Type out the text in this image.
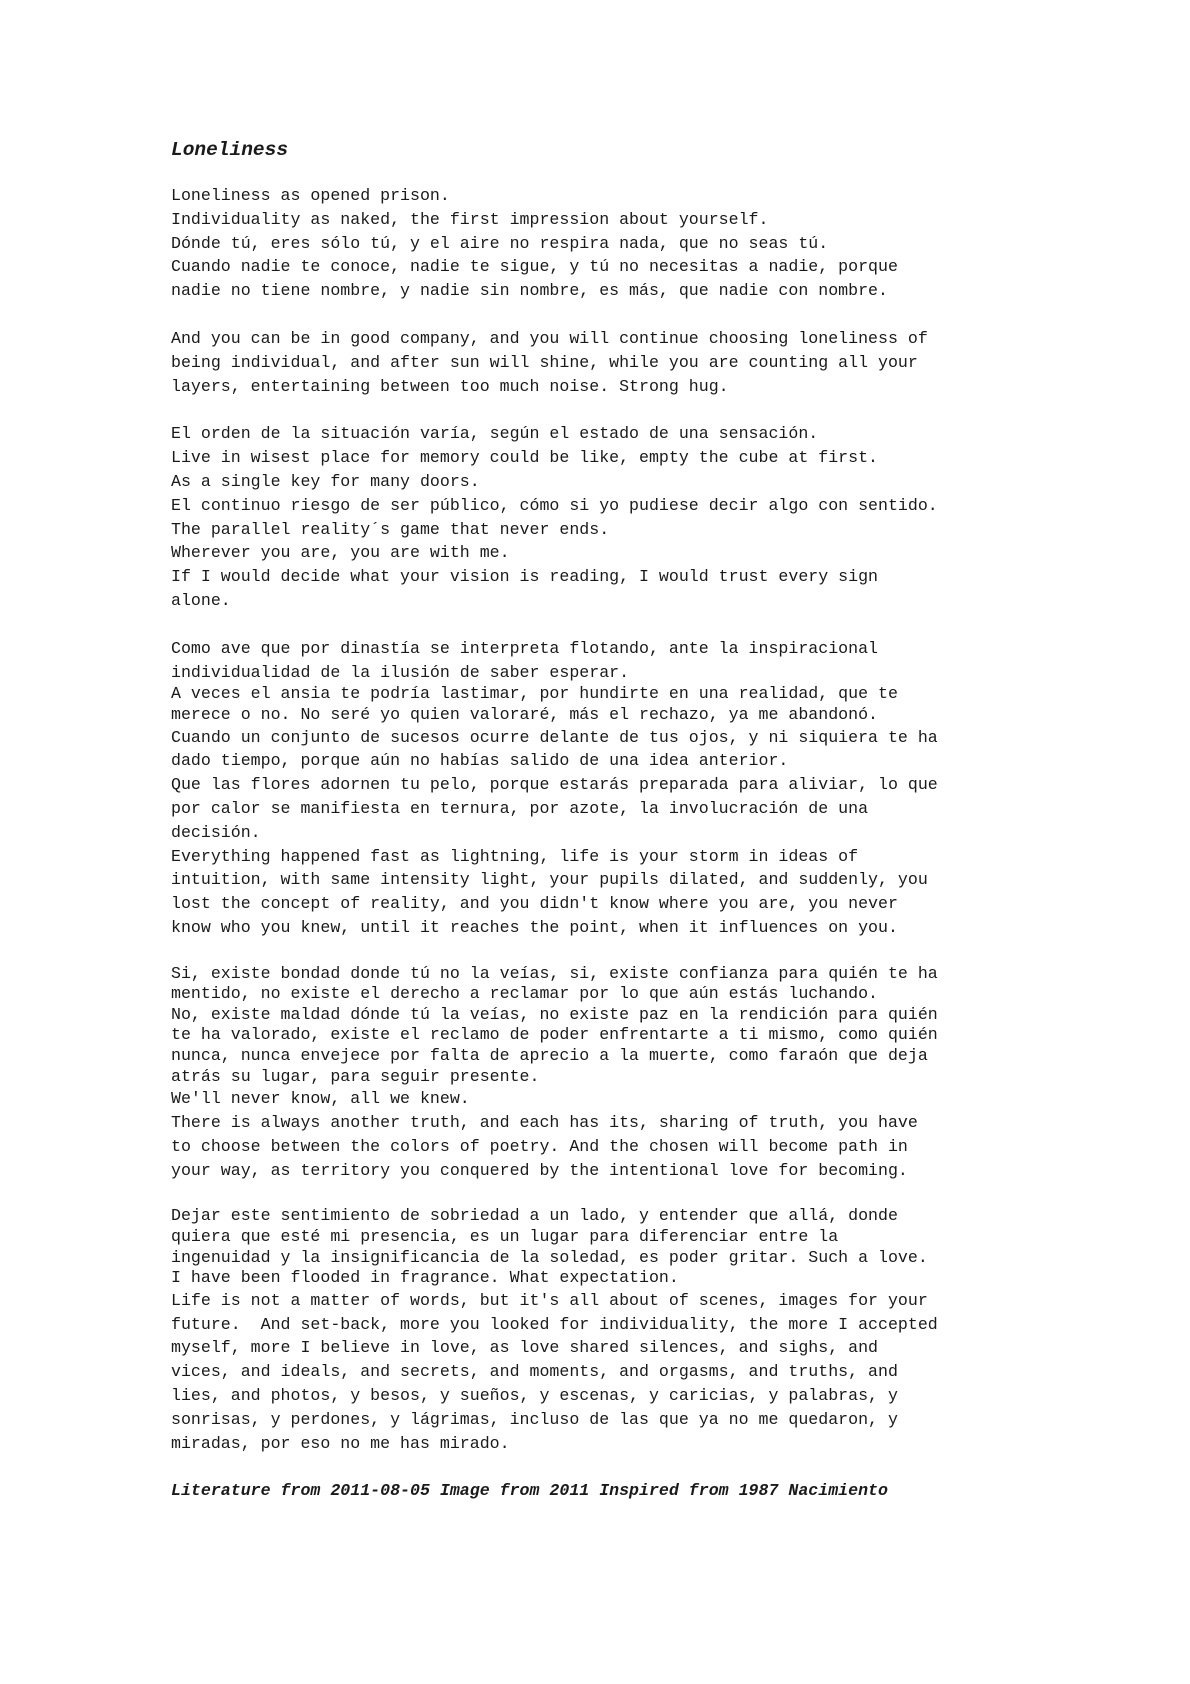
Loneliness
Loneliness as opened prison.
Individuality as naked, the first impression about yourself.
Dónde tú, eres sólo tú, y el aire no respira nada, que no seas tú.
Cuando nadie te conoce, nadie te sigue, y tú no necesitas a nadie, porque
nadie no tiene nombre, y nadie sin nombre, es más, que nadie con nombre.
And you can be in good company, and you will continue choosing loneliness of
being individual, and after sun will shine, while you are counting all your
layers, entertaining between too much noise. Strong hug.
El orden de la situación varía, según el estado de una sensación.
Live in wisest place for memory could be like, empty the cube at first.
As a single key for many doors.
El continuo riesgo de ser público, cómo si yo pudiese decir algo con sentido.
The parallel reality´s game that never ends.
Wherever you are, you are with me.
If I would decide what your vision is reading, I would trust every sign
alone.
Como ave que por dinastía se interpreta flotando, ante la inspiracional
individualidad de la ilusión de saber esperar.
A veces el ansia te podría lastimar, por hundirte en una realidad, que te
merece o no. No seré yo quien valoraré, más el rechazo, ya me abandonó.
Cuando un conjunto de sucesos ocurre delante de tus ojos, y ni siquiera te ha
dado tiempo, porque aún no habías salido de una idea anterior.
Que las flores adornen tu pelo, porque estarás preparada para aliviar, lo que
por calor se manifiesta en ternura, por azote, la involucración de una
decisión.
Everything happened fast as lightning, life is your storm in ideas of
intuition, with same intensity light, your pupils dilated, and suddenly, you
lost the concept of reality, and you didn't know where you are, you never
know who you knew, until it reaches the point, when it influences on you.
Si, existe bondad donde tú no la veías, si, existe confianza para quién te ha
mentido, no existe el derecho a reclamar por lo que aún estás luchando.
No, existe maldad dónde tú la veías, no existe paz en la rendición para quién
te ha valorado, existe el reclamo de poder enfrentarte a ti mismo, como quién
nunca, nunca envejece por falta de aprecio a la muerte, como faraón que deja
atrás su lugar, para seguir presente.
We'll never know, all we knew.
There is always another truth, and each has its, sharing of truth, you have
to choose between the colors of poetry. And the chosen will become path in
your way, as territory you conquered by the intentional love for becoming.
Dejar este sentimiento de sobriedad a un lado, y entender que allá, donde
quiera que esté mi presencia, es un lugar para diferenciar entre la
ingenuidad y la insignificancia de la soledad, es poder gritar. Such a love.
I have been flooded in fragrance. What expectation.
Life is not a matter of words, but it's all about of scenes, images for your
future.  And set-back, more you looked for individuality, the more I accepted
myself, more I believe in love, as love shared silences, and sighs, and
vices, and ideals, and secrets, and moments, and orgasms, and truths, and
lies, and photos, y besos, y sueños, y escenas, y caricias, y palabras, y
sonrisas, y perdones, y lágrimas, incluso de las que ya no me quedaron, y
miradas, por eso no me has mirado.
Literature from 2011-08-05 Image from 2011 Inspired from 1987 Nacimiento
